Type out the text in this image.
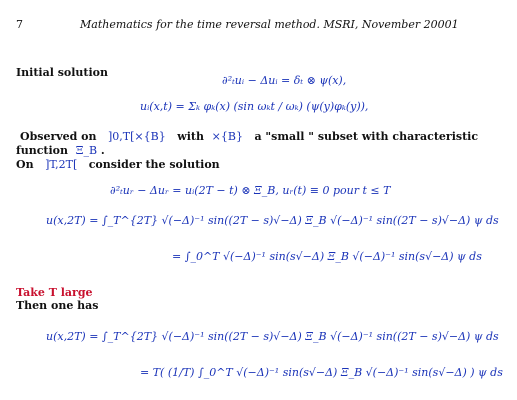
7	Mathematics for the time reversal method. MSRI, November 20001
Initial solution
∂²ₜuᵢ − Δuᵢ = δₜ ⊗ ψ(x),
uᵢ(x,t) = Σₖ φₖ(x) (sin ωₖt / ωₖ) (ψ(y)φₖ(y)),
Observed on ]0,T[×{B} with ×{B} a "small " subset with characteristic
function Ξ_B .
On ]T,2T[ consider the solution
∂²ₜuᵣ − Δuᵣ = uᵢ(2T − t) ⊗ Ξ_B, uᵣ(t) ≡ 0 pour t ≤ T
u(x,2T) = ∫_T^{2T} √(−Δ)⁻¹ sin((2T − s)√−Δ) Ξ_B √(−Δ)⁻¹ sin((2T − s)√−Δ) ψ ds
= ∫_0^T √(−Δ)⁻¹ sin(s√−Δ) Ξ_B √(−Δ)⁻¹ sin(s√−Δ) ψ ds
Take T large
Then one has
u(x,2T) = ∫_T^{2T} √(−Δ)⁻¹ sin((2T − s)√−Δ) Ξ_B √(−Δ)⁻¹ sin((2T − s)√−Δ) ψ ds
= T( (1/T) ∫_0^T √(−Δ)⁻¹ sin(s√−Δ) Ξ_B √(−Δ)⁻¹ sin(s√−Δ) ) ψ ds
